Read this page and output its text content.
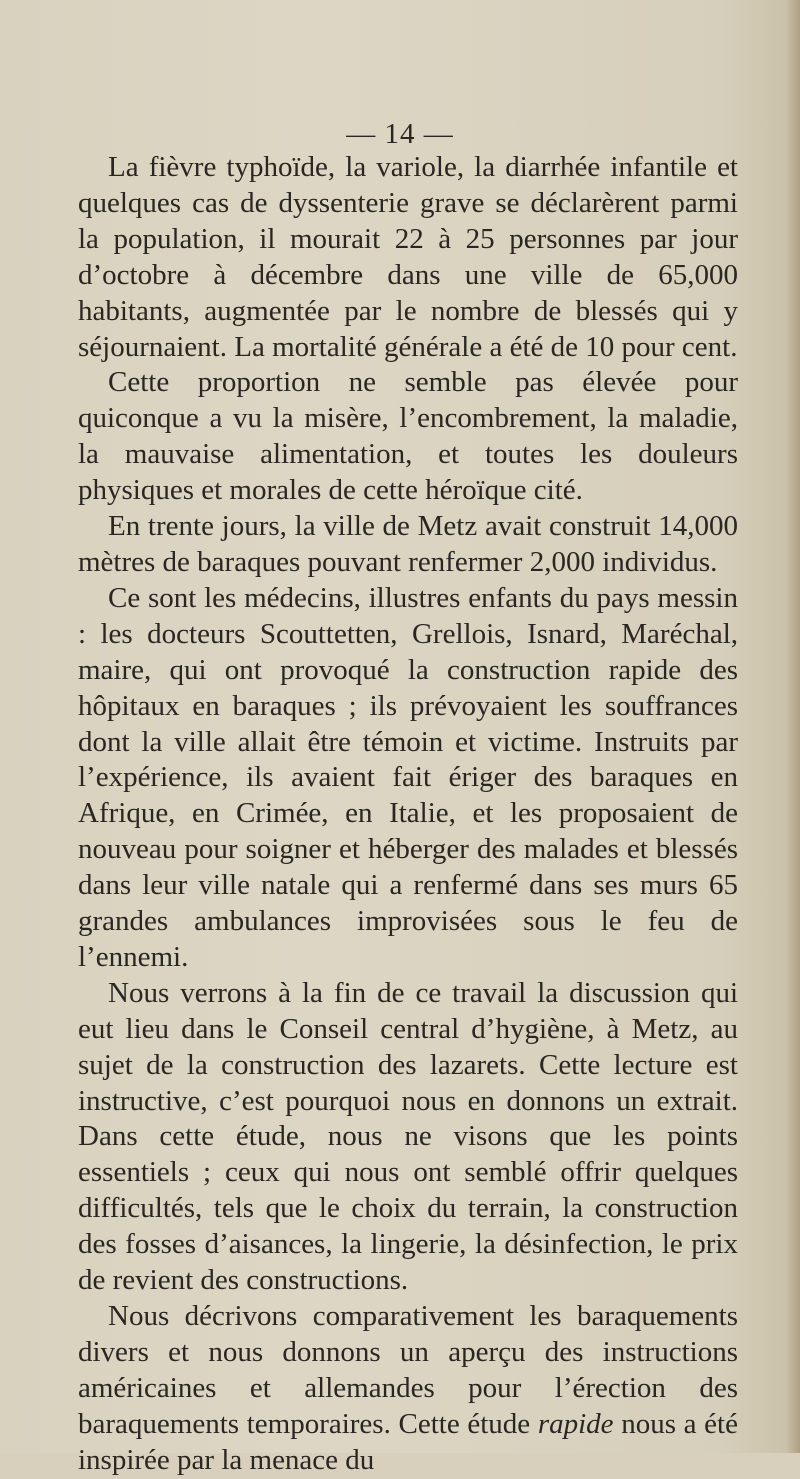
— 14 —

La fièvre typhoïde, la variole, la diarrhée infantile et quelques cas de dyssenterie grave se déclarèrent parmi la population, il mourait 22 à 25 personnes par jour d’octobre à décembre dans une ville de 65,000 habitants, augmentée par le nombre de blessés qui y séjournaient. La mortalité générale a été de 10 pour cent.

Cette proportion ne semble pas élevée pour quiconque a vu la misère, l’encombrement, la maladie, la mauvaise alimentation, et toutes les douleurs physiques et morales de cette héroïque cité.

En trente jours, la ville de Metz avait construit 14,000 mètres de baraques pouvant renfermer 2,000 individus.

Ce sont les médecins, illustres enfants du pays messin : les docteurs Scouttetten, Grellois, Isnard, Maréchal, maire, qui ont provoqué la construction rapide des hôpitaux en baraques ; ils prévoyaient les souffrances dont la ville allait être témoin et victime. Instruits par l’expérience, ils avaient fait ériger des baraques en Afrique, en Crimée, en Italie, et les proposaient de nouveau pour soigner et héberger des malades et blessés dans leur ville natale qui a renfermé dans ses murs 65 grandes ambulances improvisées sous le feu de l’ennemi.

Nous verrons à la fin de ce travail la discussion qui eut lieu dans le Conseil central d’hygiène, à Metz, au sujet de la construction des lazarets. Cette lecture est instructive, c’est pourquoi nous en donnons un extrait. Dans cette étude, nous ne visons que les points essentiels ; ceux qui nous ont semblé offrir quelques difficultés, tels que le choix du terrain, la construction des fosses d’aisances, la lingerie, la désinfection, le prix de revient des constructions.

Nous décrivons comparativement les baraquements divers et nous donnons un aperçu des instructions américaines et allemandes pour l’érection des baraquements temporaires. Cette étude rapide nous a été inspirée par la menace du
